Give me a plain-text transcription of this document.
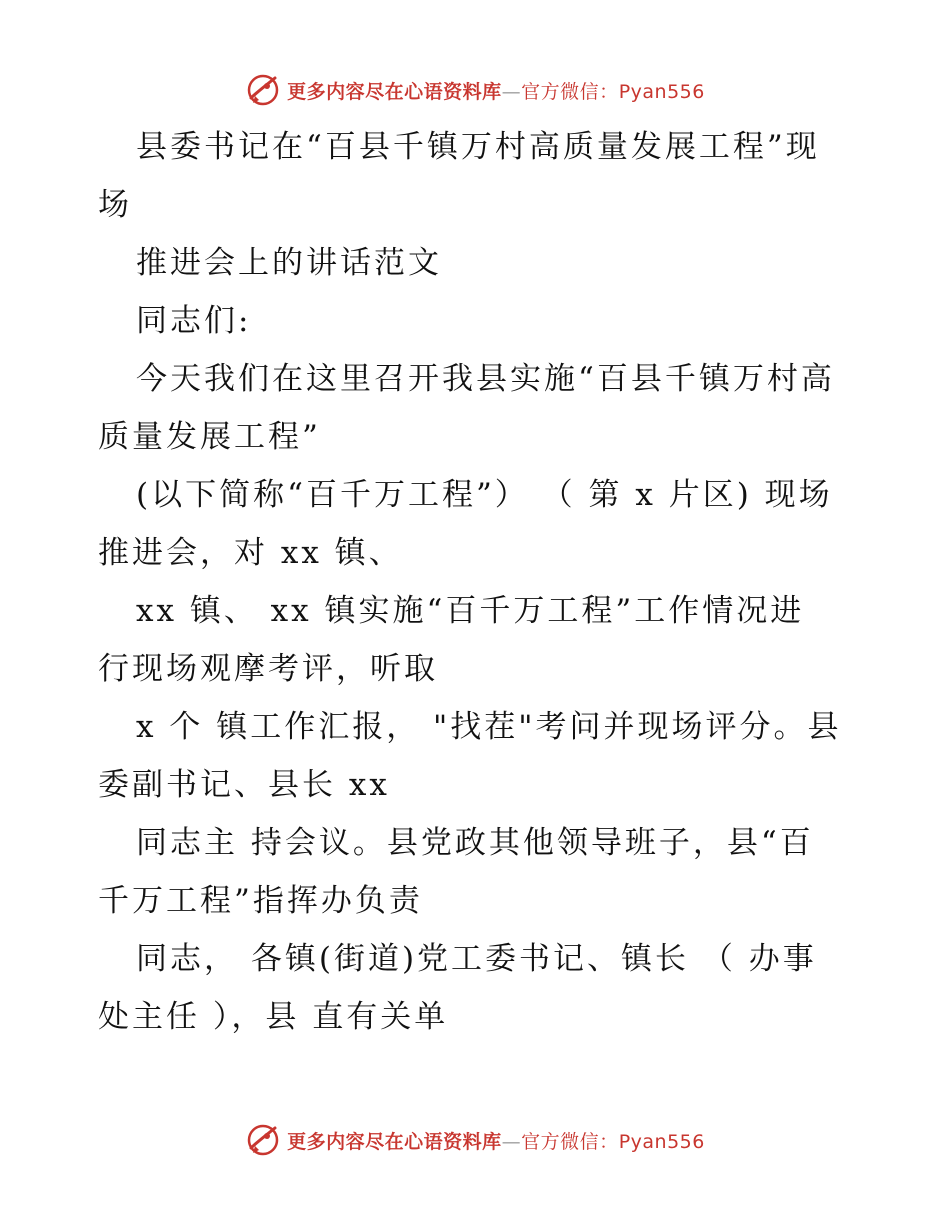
更多内容尽在心语资料库—官方微信：Pyan556
县委书记在“百县千镇万村高质量发展工程”现
场
推进会上的讲话范文
同志们:
今天我们在这里召开我县实施“百县千镇万村高
质量发展工程”
(以下简称“百千万工程”） （ 第 x 片区) 现场
推进会，对 xx 镇、
xx 镇、 xx 镇实施“百千万工程”工作情况进
行现场观摩考评，听取
x 个 镇工作汇报， "找茬"考问并现场评分。县
委副书记、县长 xx
同志主 持会议。县党政其他领导班子，县“百
千万工程”指挥办负责
同志， 各镇(街道)党工委书记、镇长 （ 办事
处主任 ），县 直有关单
更多内容尽在心语资料库—官方微信：Pyan556
